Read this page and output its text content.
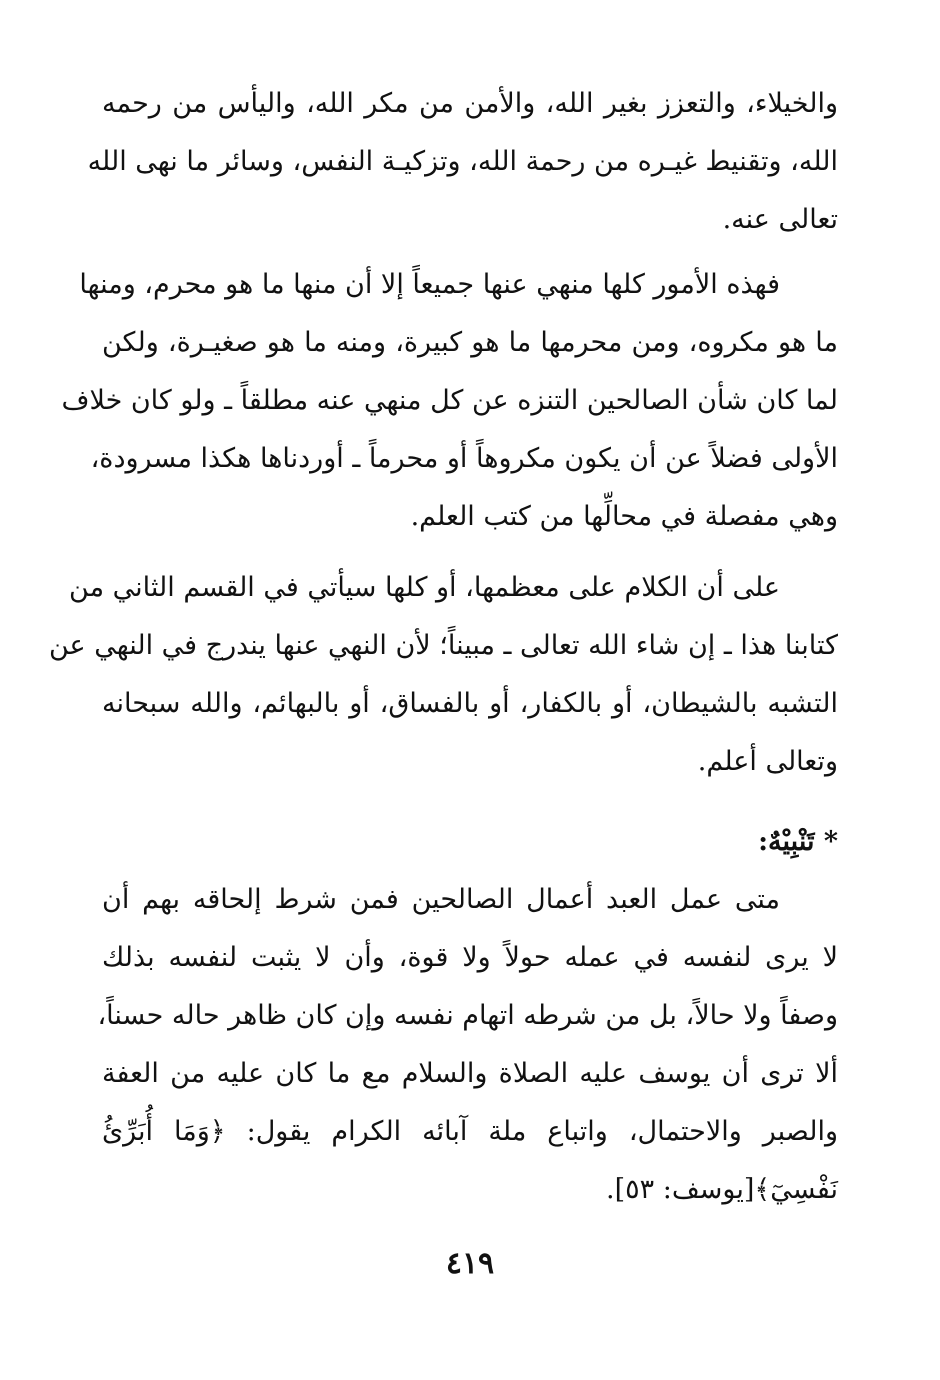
والخيلاء، والتعزز بغير الله، والأمن من مكر الله، واليأس من رحمه
الله، وتقنيط غيـره من رحمة الله، وتزكيـة النفس، وسائر ما نهى الله
تعالى عنه.
فهذه الأمور كلها منهي عنها جميعاً إلا أن منها ما هو محرم، ومنها
ما هو مكروه، ومن محرمها ما هو كبيرة، ومنه ما هو صغيـرة، ولكن
لما كان شأن الصالحين التنزه عن كل منهي عنه مطلقاً ـ ولو كان خلاف
الأولى فضلاً عن أن يكون مكروهاً أو محرماً ـ أوردناها هكذا مسرودة،
وهي مفصلة في محالِّها من كتب العلم.
على أن الكلام على معظمها، أو كلها سيأتي في القسم الثاني من
كتابنا هذا ـ إن شاء الله تعالى ـ مبيناً؛ لأن النهي عنها يندرج في النهي عن
التشبه بالشيطان، أو بالكفار، أو بالفساق، أو بالبهائم، والله سبحانه
وتعالى أعلم.
* تَنْبِيْهٌ:
متى عمل العبد أعمال الصالحين فمن شرط إلحاقه بهم أن
لا يرى لنفسه في عمله حولاً ولا قوة، وأن لا يثبت لنفسه بذلك
وصفاً ولا حالاً، بل من شرطه اتهام نفسه وإن كان ظاهر حاله حسناً،
ألا ترى أن يوسف عليه الصلاة والسلام مع ما كان عليه من العفة
والصبر والاحتمال، واتباع ملة آبائه الكرام يقول: ﴿وَمَا أُبَرِّئُ
نَفْسِيٓ﴾[يوسف: ٥٣].
٤١٩
